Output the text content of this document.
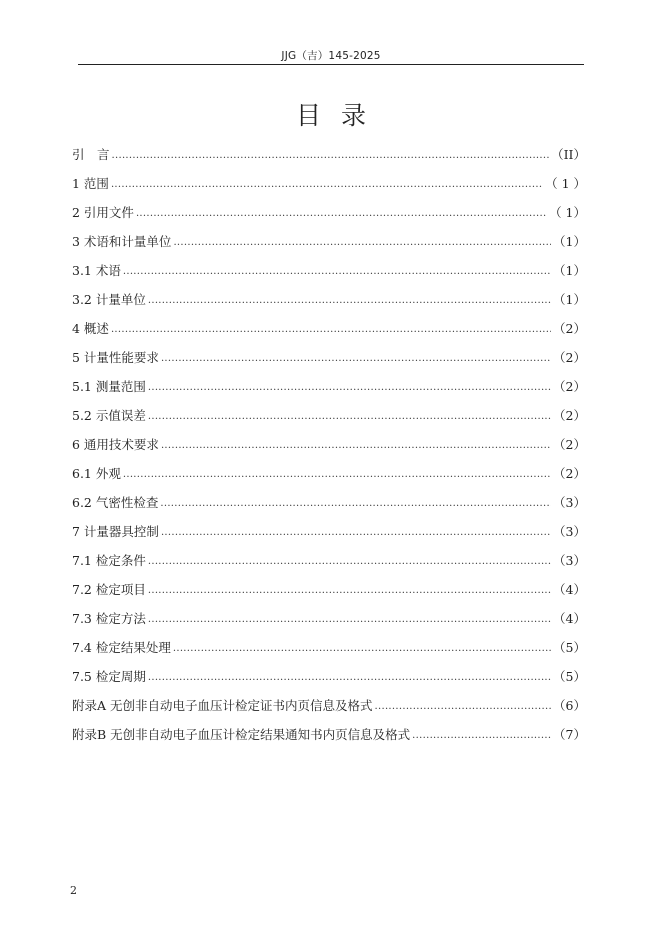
JJG（吉）145-2025
目录
引　言 .....	（II）
1 范围 .....	（ 1 ）
2 引用文件 .....	（ 1）
3 术语和计量单位 .....	（1）
3.1 术语 .....	（1）
3.2 计量单位 .....	（1）
4 概述 .....	（2）
5 计量性能要求 .....	（2）
5.1 测量范围 .....	（2）
5.2 示值误差 .....	（2）
6 通用技术要求 .....	（2）
6.1 外观 .....	（2）
6.2 气密性检查 .....	（3）
7 计量器具控制 .....	（3）
7.1 检定条件 .....	（3）
7.2 检定项目 .....	（4）
7.3 检定方法 .....	（4）
7.4 检定结果处理 .....	（5）
7.5 检定周期 .....	（5）
附录A 无创非自动电子血压计检定证书内页信息及格式 .....	（6）
附录B 无创非自动电子血压计检定结果通知书内页信息及格式 .....	（7）
2
